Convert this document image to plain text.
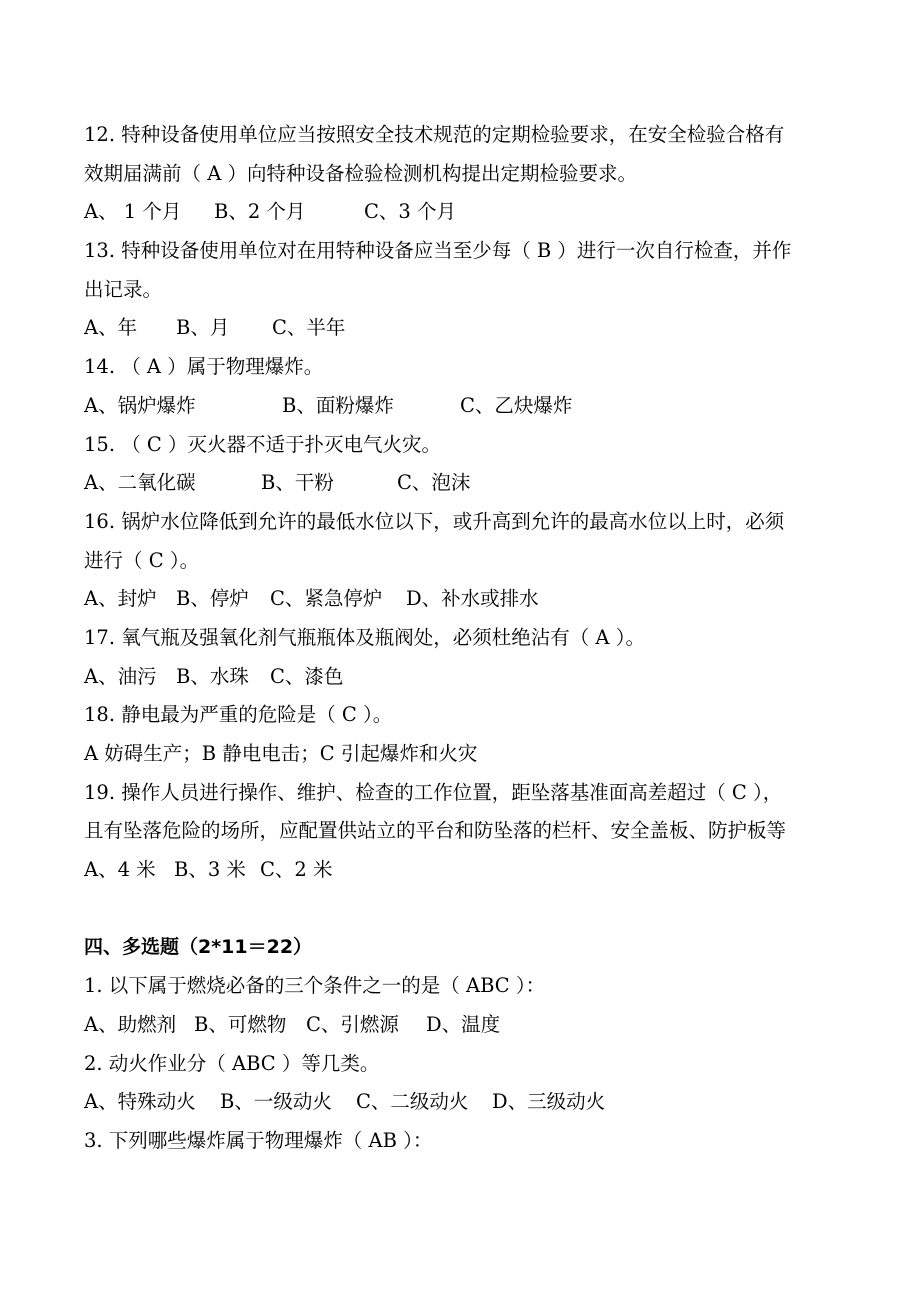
12. 特种设备使用单位应当按照安全技术规范的定期检验要求，在安全检验合格有
效期届满前（ A ）向特种设备检验检测机构提出定期检验要求。
A、 1 个月 B、2 个月	C、3 个月
13. 特种设备使用单位对在用特种设备应当至少每（ B ）进行一次自行检查，并作
出记录。
A、年 B、月 C、半年
14. （ A ）属于物理爆炸。
A、锅炉爆炸	B、面粉爆炸	C、乙炔爆炸
15. （ C ）灭火器不适于扑灭电气火灾。
A、二氧化碳	B、干粉	C、泡沫
16. 锅炉水位降低到允许的最低水位以下，或升高到允许的最高水位以上时，必须
进行（ C ）。
A、封炉 B、停炉 C、紧急停炉 D、补水或排水
17. 氧气瓶及强氧化剂气瓶瓶体及瓶阀处，必须杜绝沾有（ A ）。
A、油污 B、水珠 C、漆色
18. 静电最为严重的危险是（ C ）。
A 妨碍生产；B 静电电击；C 引起爆炸和火灾
19. 操作人员进行操作、维护、检查的工作位置，距坠落基准面高差超过（ C ），
且有坠落危险的场所，应配置供站立的平台和防坠落的栏杆、安全盖板、防护板等
A、4 米 B、3 米 C、2 米
四、多选题（2*11＝22）
1. 以下属于燃烧必备的三个条件之一的是（ ABC ）：
A、助燃剂 B、可燃物 C、引燃源 D、温度
2. 动火作业分（ ABC ）等几类。
A、特殊动火 B、一级动火 C、二级动火 D、三级动火
3. 下列哪些爆炸属于物理爆炸（ AB ）：
